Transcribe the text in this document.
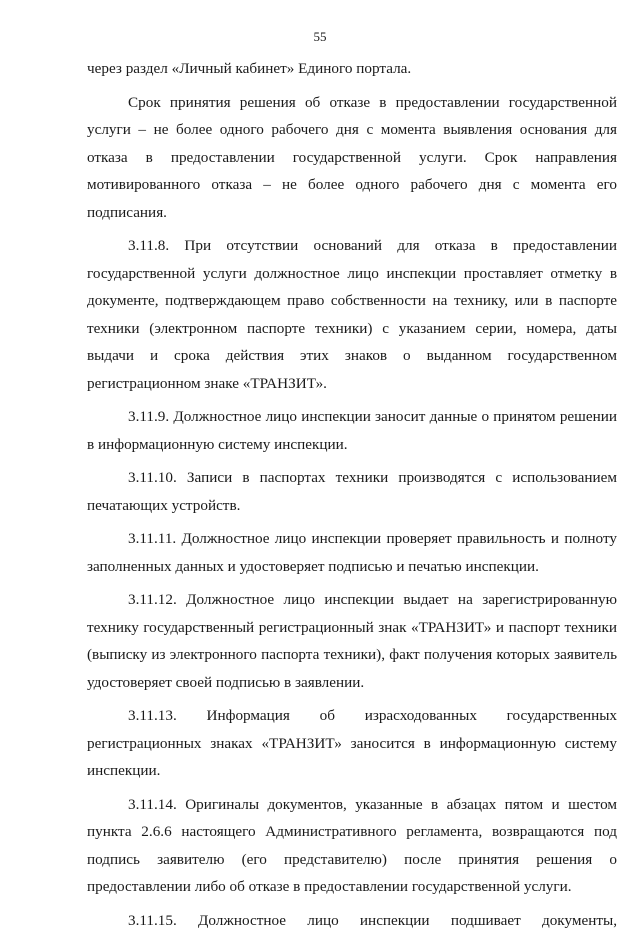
55

через раздел «Личный кабинет» Единого портала.

Срок принятия решения об отказе в предоставлении государственной услуги – не более одного рабочего дня с момента выявления основания для отказа в предоставлении государственной услуги. Срок направления мотивированного отказа – не более одного рабочего дня с момента его подписания.

3.11.8. При отсутствии оснований для отказа в предоставлении государственной услуги должностное лицо инспекции проставляет отметку в документе, подтверждающем право собственности на технику, или в паспорте техники (электронном паспорте техники) с указанием серии, номера, даты выдачи и срока действия этих знаков о выданном государственном регистрационном знаке «ТРАНЗИТ».

3.11.9. Должностное лицо инспекции заносит данные о принятом решении в информационную систему инспекции.

3.11.10. Записи в паспортах техники производятся с использованием печатающих устройств.

3.11.11. Должностное лицо инспекции проверяет правильность и полноту заполненных данных и удостоверяет подписью и печатью инспекции.

3.11.12. Должностное лицо инспекции выдает на зарегистрированную технику государственный регистрационный знак «ТРАНЗИТ» и паспорт техники (выписку из электронного паспорта техники), факт получения которых заявитель удостоверяет своей подписью в заявлении.

3.11.13. Информация об израсходованных государственных регистрационных знаках «ТРАНЗИТ» заносится в информационную систему инспекции.

3.11.14. Оригиналы документов, указанные в абзацах пятом и шестом пункта 2.6.6 настоящего Административного регламента, возвращаются под подпись заявителю (его представителю) после принятия решения о предоставлении либо об отказе в предоставлении государственной услуги.

3.11.15. Должностное лицо инспекции подшивает документы,
